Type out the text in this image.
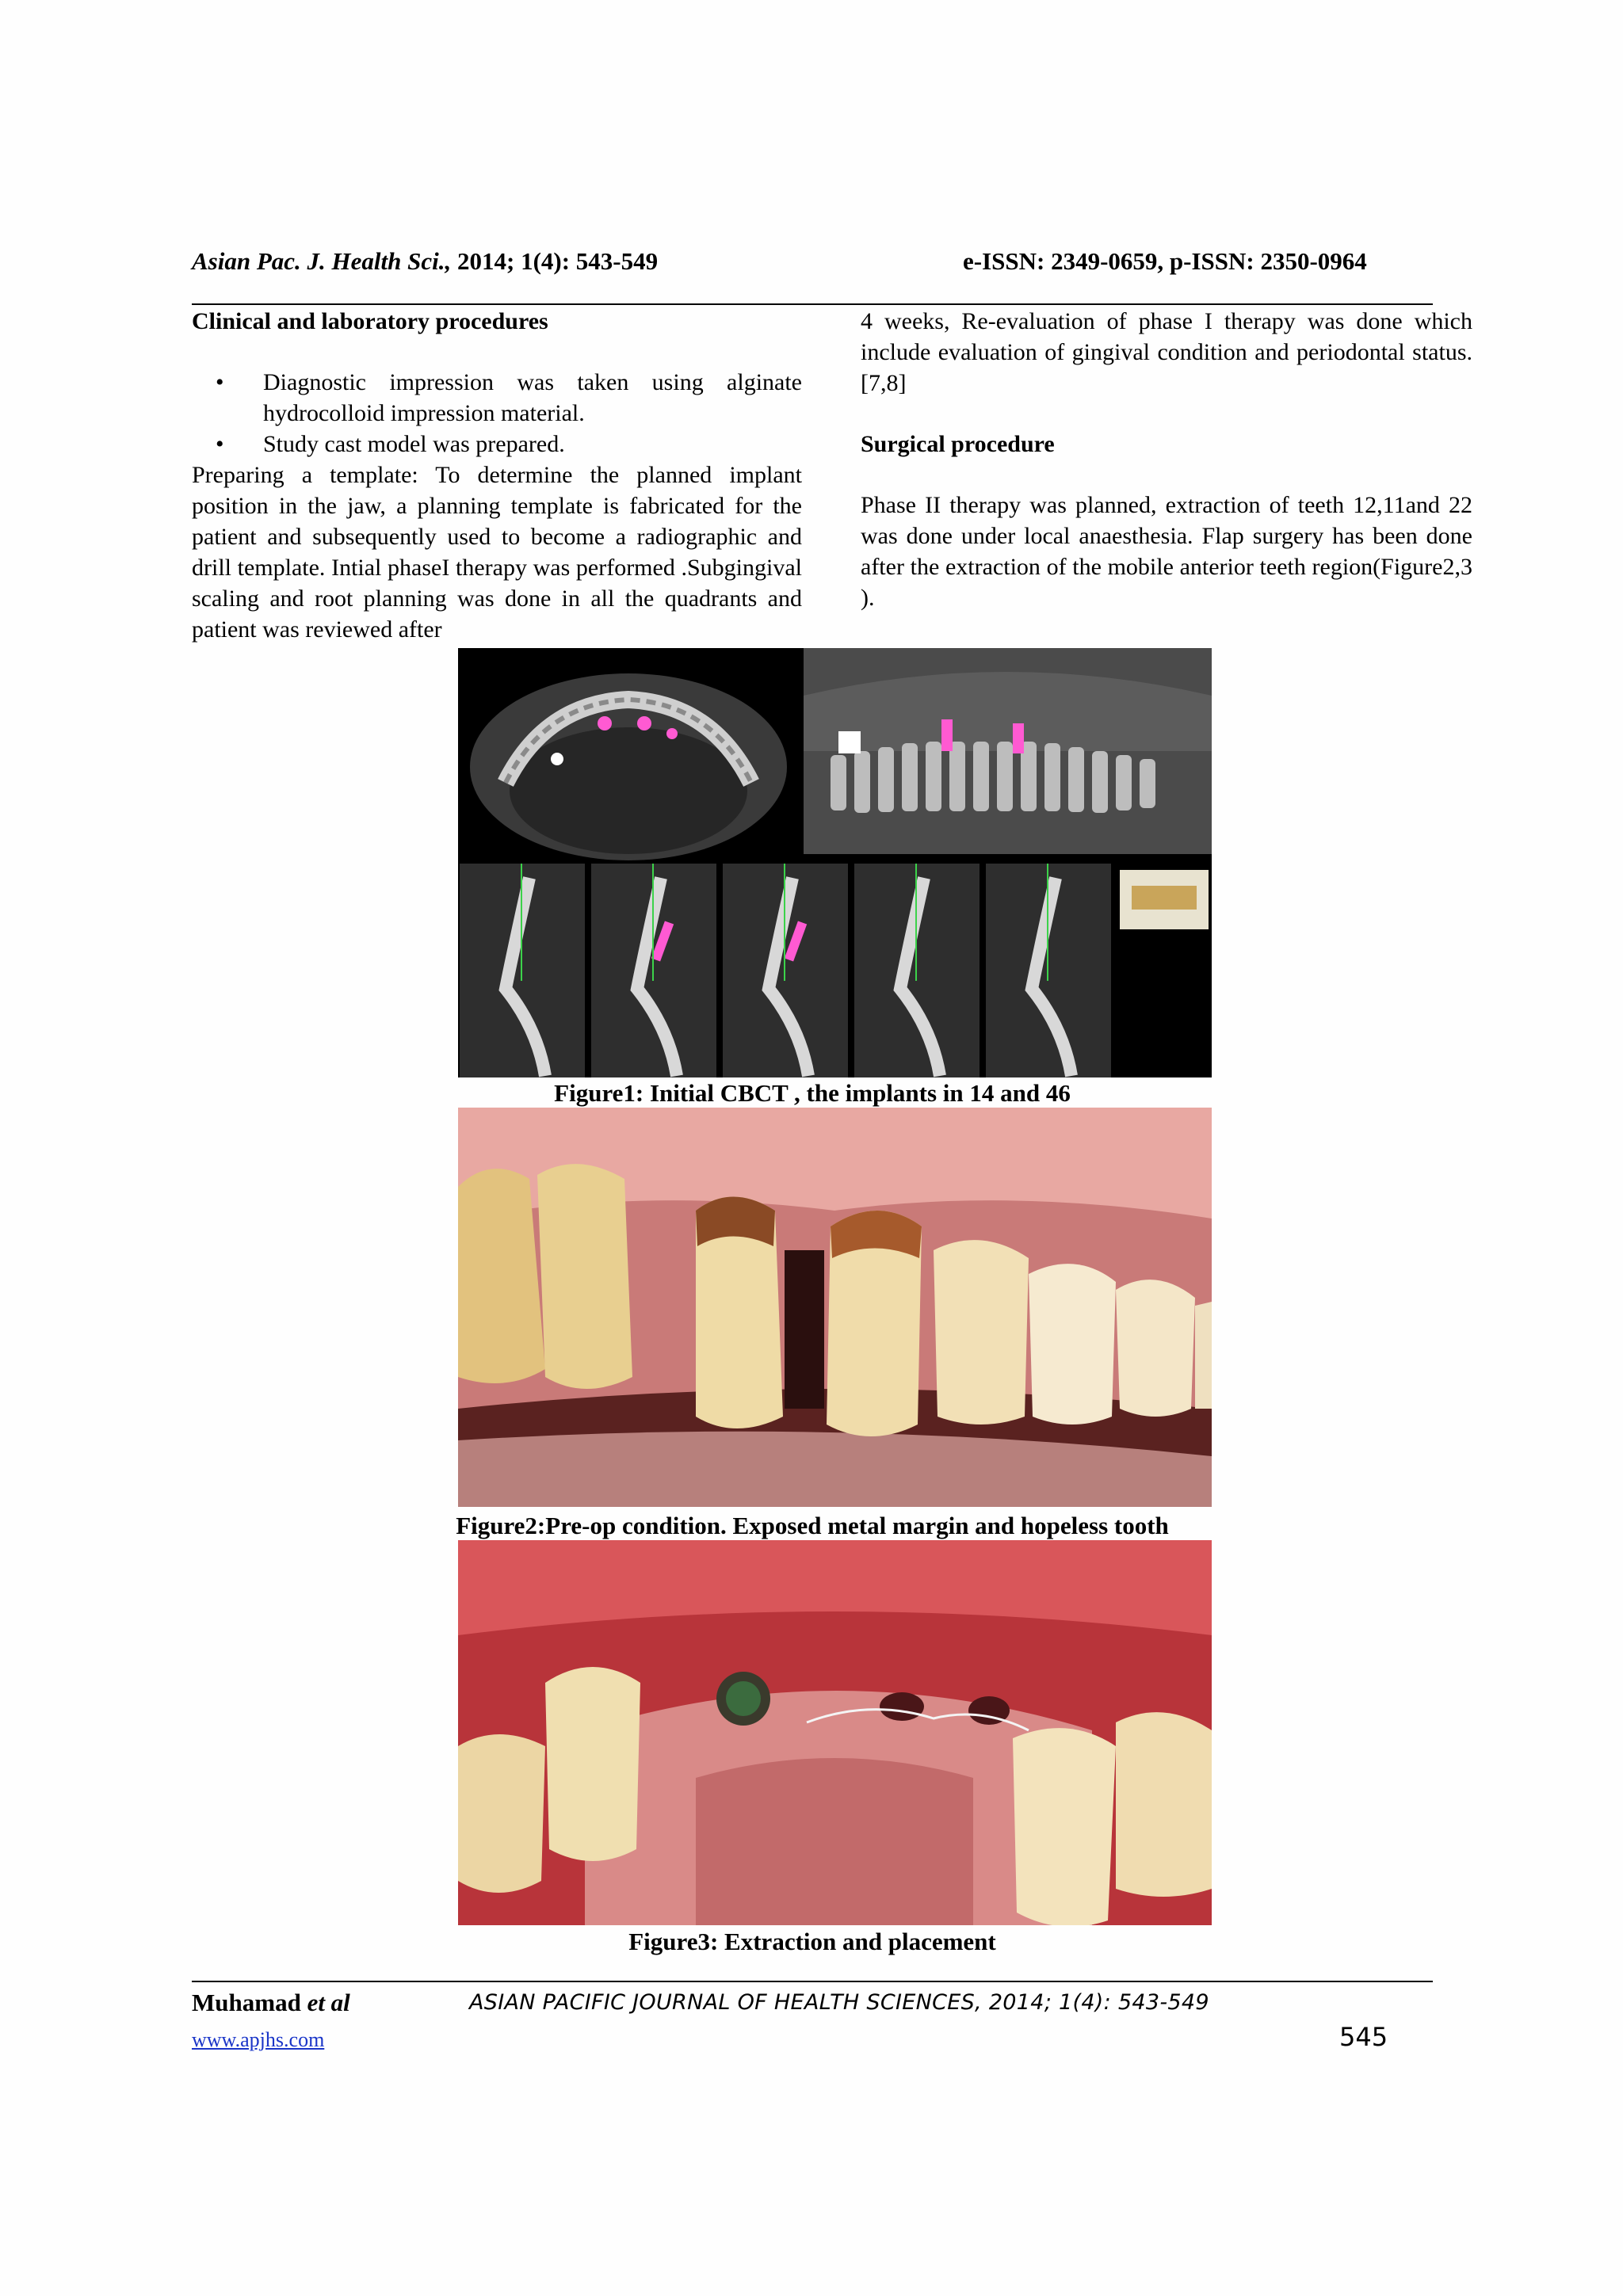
Asian Pac. J. Health Sci., 2014; 1(4): 543-549	e-ISSN: 2349-0659, p-ISSN: 2350-0964

Clinical and laboratory procedures

• Diagnostic impression was taken using alginate hydrocolloid impression material.
• Study cast model was prepared.

Preparing a template: To determine the planned implant position in the jaw, a planning template is fabricated for the patient and subsequently used to become a radiographic and drill template. Intial phaseI therapy was performed .Subgingival scaling and root planning was done in all the quadrants and patient was reviewed after

4 weeks, Re-evaluation of phase I therapy was done which include evaluation of gingival condition and periodontal status.[7,8]

Surgical procedure

Phase II therapy was planned, extraction of teeth 12,11and 22 was done under local anaesthesia. Flap surgery has been done after the extraction of the mobile anterior teeth region(Figure2,3 ).

Figure1: Initial CBCT , the implants in 14 and 46
Figure2:Pre-op condition. Exposed metal margin and hopeless tooth
Figure3: Extraction and placement
Muhamad et al	ASIAN PACIFIC JOURNAL OF HEALTH SCIENCES, 2014; 1(4): 543-549
www.apjhs.com	545
